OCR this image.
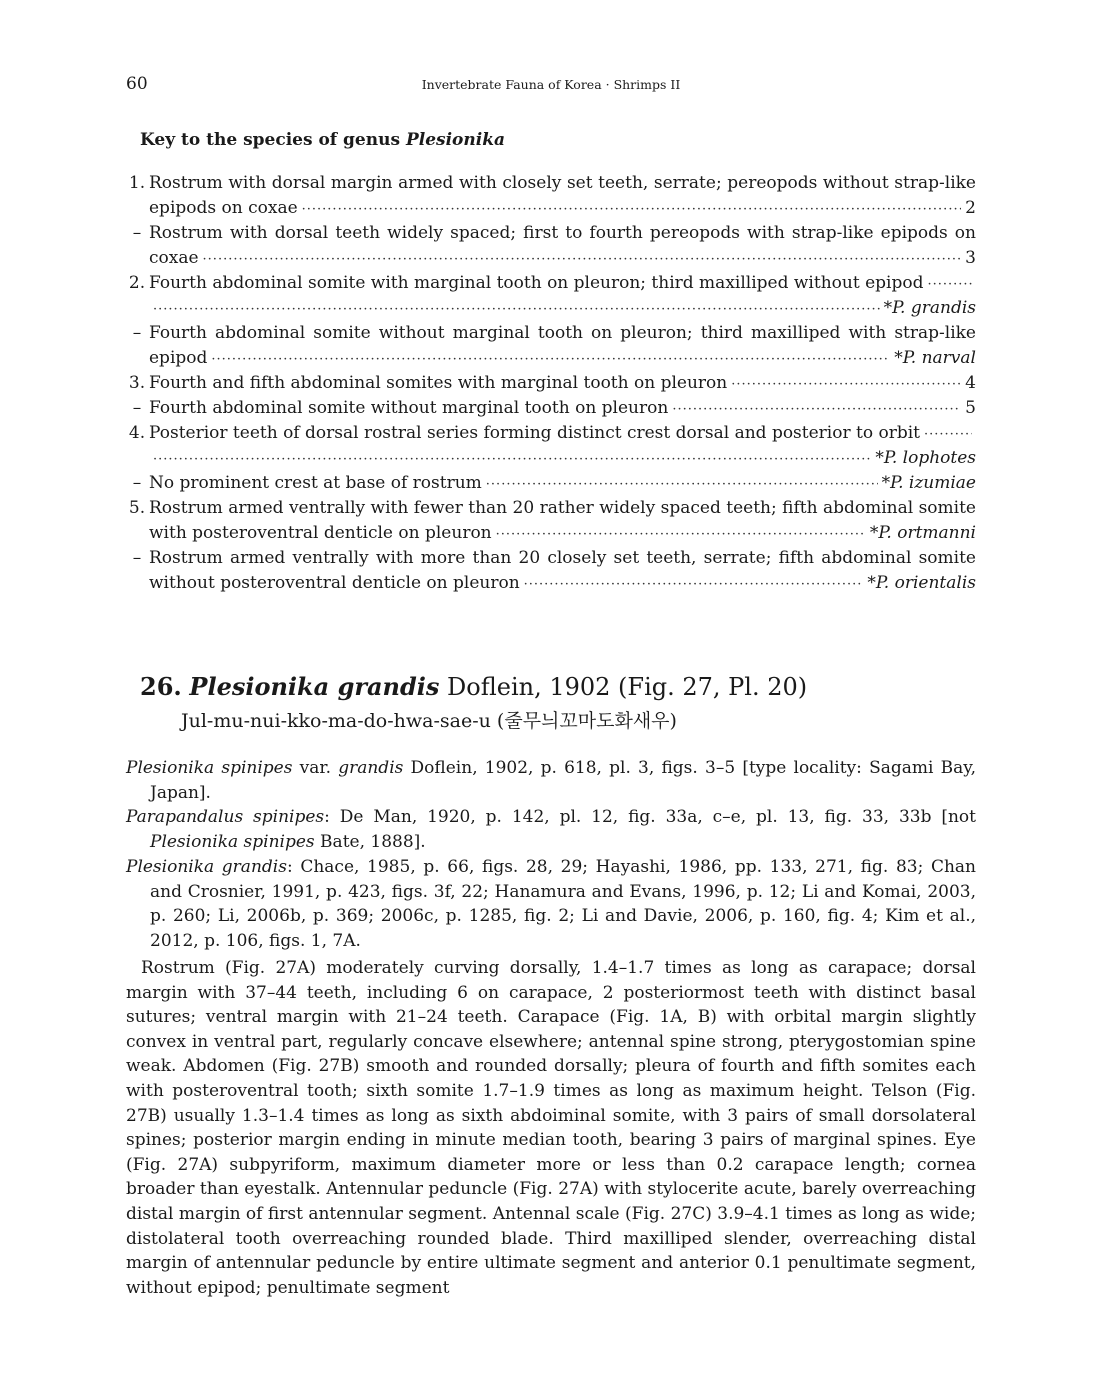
60	Invertebrate Fauna of Korea · Shrimps II
Key to the species of genus Plesionika
1. Rostrum with dorsal margin armed with closely set teeth, serrate; pereopods without strap-like
epipods on coxae ·····	2
– Rostrum with dorsal teeth widely spaced; first to fourth pereopods with strap-like epipods on
coxae ·····	3
2. Fourth abdominal somite with marginal tooth on pleuron; third maxilliped without epipod
·····
·····
*P. grandis
– Fourth abdominal somite without marginal tooth on pleuron; third maxilliped with strap-like
epipod ·····	*P. narval
3. Fourth and fifth abdominal somites with marginal tooth on pleuron ·····	4
– Fourth abdominal somite without marginal tooth on pleuron ·····	5
4. Posterior teeth of dorsal rostral series forming distinct crest dorsal and posterior to orbit
·····
·····
*P. lophotes
– No prominent crest at base of rostrum ·····	*P. izumiae
5. Rostrum armed ventrally with fewer than 20 rather widely spaced teeth; fifth abdominal somite
with posteroventral denticle on pleuron ·····	*P. ortmanni
– Rostrum armed ventrally with more than 20 closely set teeth, serrate; fifth abdominal somite
without posteroventral denticle on pleuron ·····	*P. orientalis
26. Plesionika grandis Doflein, 1902 (Fig. 27, Pl. 20)
Jul-mu-nui-kko-ma-do-hwa-sae-u (줄무늬꼬마도화새우)

Plesionika spinipes var. grandis Doflein, 1902, p. 618, pl. 3, figs. 3–5 [type locality: Sagami Bay, Japan].

Parapandalus spinipes: De Man, 1920, p. 142, pl. 12, fig. 33a, c–e, pl. 13, fig. 33, 33b [not Plesionika spinipes Bate, 1888].

Plesionika grandis: Chace, 1985, p. 66, figs. 28, 29; Hayashi, 1986, pp. 133, 271, fig. 83; Chan and Crosnier, 1991, p. 423, figs. 3f, 22; Hanamura and Evans, 1996, p. 12; Li and Komai, 2003, p. 260; Li, 2006b, p. 369; 2006c, p. 1285, fig. 2; Li and Davie, 2006, p. 160, fig. 4; Kim et al., 2012, p. 106, figs. 1, 7A.

Rostrum (Fig. 27A) moderately curving dorsally, 1.4–1.7 times as long as carapace; dorsal margin with 37–44 teeth, including 6 on carapace, 2 posteriormost teeth with distinct basal sutures; ventral margin with 21–24 teeth. Carapace (Fig. 1A, B) with orbital margin slightly convex in ventral part, regularly concave elsewhere; antennal spine strong, pterygostomian spine weak. Abdomen (Fig. 27B) smooth and rounded dorsally; pleura of fourth and fifth somites each with posteroventral tooth; sixth somite 1.7–1.9 times as long as maximum height. Telson (Fig. 27B) usually 1.3–1.4 times as long as sixth abdoiminal somite, with 3 pairs of small dorsolateral spines; posterior margin ending in minute median tooth, bearing 3 pairs of marginal spines. Eye (Fig. 27A) subpyriform, maximum diameter more or less than 0.2 carapace length; cornea broader than eyestalk. Antennular peduncle (Fig. 27A) with stylocerite acute, barely overreaching distal margin of first antennular segment. Antennal scale (Fig. 27C) 3.9–4.1 times as long as wide; distolateral tooth overreaching rounded blade. Third maxilliped slender, overreaching distal margin of antennular peduncle by entire ultimate segment and anterior 0.1 penultimate segment, without epipod; penultimate segment
